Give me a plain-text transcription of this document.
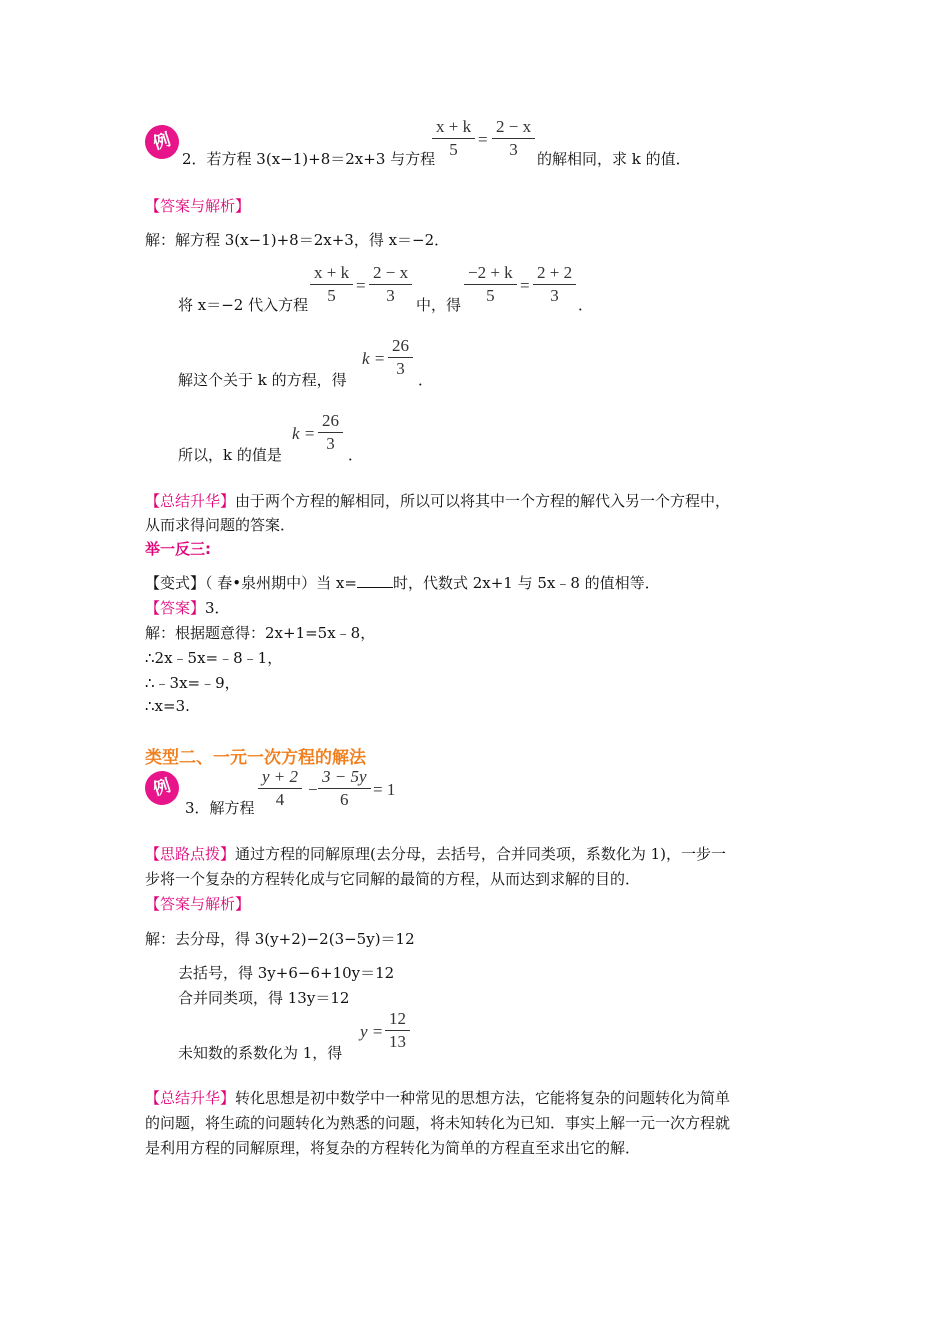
例
2．若方程 3(x−1)+8＝2x+3 与方程
$\frac{x + k}{5} = \frac{2 - x}{3}$ 的解相同，求 k 的值．
【答案与解析】
解：解方程 3(x−1)+8＝2x+3，得 x＝−2．
将 x＝−2 代入方程 $\frac{x + k}{5} = \frac{2 - x}{3}$ 中，得 $\frac{-2 + k}{5} = \frac{2 + 2}{3}$ ．
解这个关于 k 的方程，得
$k = \frac{26}{3}$ ．
所以，k 的值是
$k = \frac{26}{3}$ ．
【总结升华】由于两个方程的解相同，所以可以将其中一个方程的解代入另一个方程中，
从而求得问题的答案．
举一反三:
【变式】（ 春•泉州期中）当 x= 时，代数式 2x+1 与 5x﹣8 的值相等．
【答案】3．
解：根据题意得：2x+1=5x﹣8，
∴2x﹣5x=﹣8﹣1，
∴﹣3x=﹣9，
∴x=3.
类型二、一元一次方程的解法
例
3．解方程 $\frac{y + 2}{4} - \frac{3 - 5y}{6} = 1$
【思路点拨】通过方程的同解原理(去分母，去括号，合并同类项，系数化为 1)，一步一
步将一个复杂的方程转化成与它同解的最简的方程，从而达到求解的目的．
【答案与解析】
解：去分母，得 3(y+2)−2(3−5y)＝12
去括号，得 3y+6−6+10y＝12
合并同类项，得 13y＝12
未知数的系数化为 1，得
$y = \frac{12}{13}$
【总结升华】转化思想是初中数学中一种常见的思想方法，它能将复杂的问题转化为简单
的问题，将生疏的问题转化为熟悉的问题，将未知转化为已知．事实上解一元一次方程就
是利用方程的同解原理，将复杂的方程转化为简单的方程直至求出它的解．
